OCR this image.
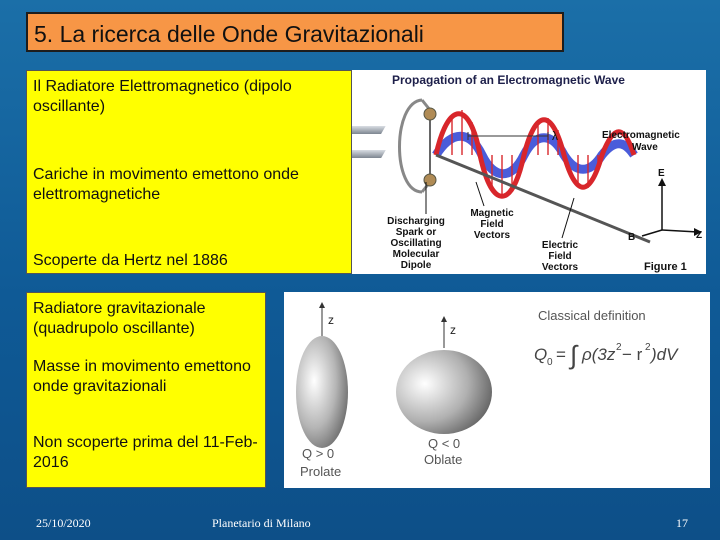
5. La ricerca delle Onde Gravitazionali
Il Radiatore Elettromagnetico (dipolo oscillante)
Cariche in movimento emettono onde elettromagnetiche
Scoperte da Hertz nel 1886
Propagation of an Electromagnetic Wave
λ	Electromagnetic
Wave
E
B	Z
Discharging
Spark or
Oscillating
Molecular
Dipole
Magnetic
Field
Vectors
Electric
Field
Vectors	Figure 1
Radiatore gravitazionale (quadrupolo oscillante)
Masse in movimento emettono onde gravitazionali
Non scoperte prima del 11-Feb-2016
z
Q > 0
Prolate
z
Q < 0
Oblate
Classical definition
Q 0 = ∫ ρ(3z 2 − r 2 )dV
Momento di Quadrupolo
25/10/2020	Planetario di Milano	17
